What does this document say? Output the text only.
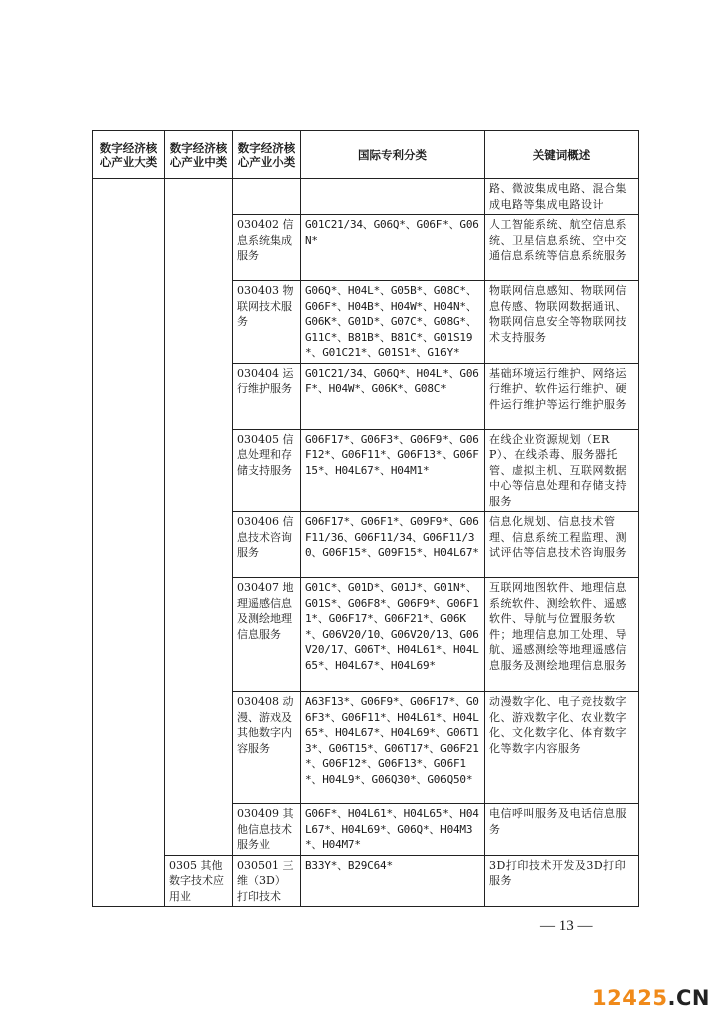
数字经济核心产业大类	数字经济核心产业中类	数字经济核心产业小类	国际专利分类	关键词概述
				路、微波集成电路、混合集成电路等集成电路设计
		030402 信息系统集成服务	G01C21/34、G06Q*、G06F*、G06N*	人工智能系统、航空信息系统、卫星信息系统、空中交通信息系统等信息系统服务
		030403 物联网技术服务	G06Q*、H04L*、G05B*、G08C*、G06F*、H04B*、H04W*、H04N*、G06K*、G01D*、G07C*、G08G*、G11C*、B81B*、B81C*、G01S19*、G01C21*、G01S1*、G16Y*	物联网信息感知、物联网信息传感、物联网数据通讯、物联网信息安全等物联网技术支持服务
		030404 运行维护服务	G01C21/34、G06Q*、H04L*、G06F*、H04W*、G06K*、G08C*	基础环境运行维护、网络运行维护、软件运行维护、硬件运行维护等运行维护服务
		030405 信息处理和存储支持服务	G06F17*、G06F3*、G06F9*、G06F12*、G06F11*、G06F13*、G06F15*、H04L67*、H04M1*	在线企业资源规划（ERP）、在线杀毒、服务器托管、虚拟主机、互联网数据中心等信息处理和存储支持服务
		030406 信息技术咨询服务	G06F17*、G06F1*、G09F9*、G06F11/36、G06F11/34、G06F11/30、G06F15*、G09F15*、H04L67*	信息化规划、信息技术管理、信息系统工程监理、测试评估等信息技术咨询服务
		030407 地理遥感信息及测绘地理信息服务	G01C*、G01D*、G01J*、G01N*、G01S*、G06F8*、G06F9*、G06F11*、G06F17*、G06F21*、G06K*、G06V20/10、G06V20/13、G06V20/17、G06T*、H04L61*、H04L65*、H04L67*、H04L69*	互联网地图软件、地理信息系统软件、测绘软件、遥感软件、导航与位置服务软件；地理信息加工处理、导航、遥感测绘等地理遥感信息服务及测绘地理信息服务
		030408 动漫、游戏及其他数字内容服务	A63F13*、G06F9*、G06F17*、G06F3*、G06F11*、H04L61*、H04L65*、H04L67*、H04L69*、G06T13*、G06T15*、G06T17*、G06F21*、G06F12*、G06F13*、G06F1*、H04L9*、G06Q30*、G06Q50*	动漫数字化、电子竞技数字化、游戏数字化、农业数字化、文化数字化、体育数字化等数字内容服务
		030409 其他信息技术服务业	G06F*、H04L61*、H04L65*、H04L67*、H04L69*、G06Q*、H04M3*、H04M7*	电信呼叫服务及电话信息服务
	0305 其他数字技术应用业	030501 三维（3D）打印技术	B33Y*、B29C64*	3D打印技术开发及3D打印服务
— 13 —
12425.CN
